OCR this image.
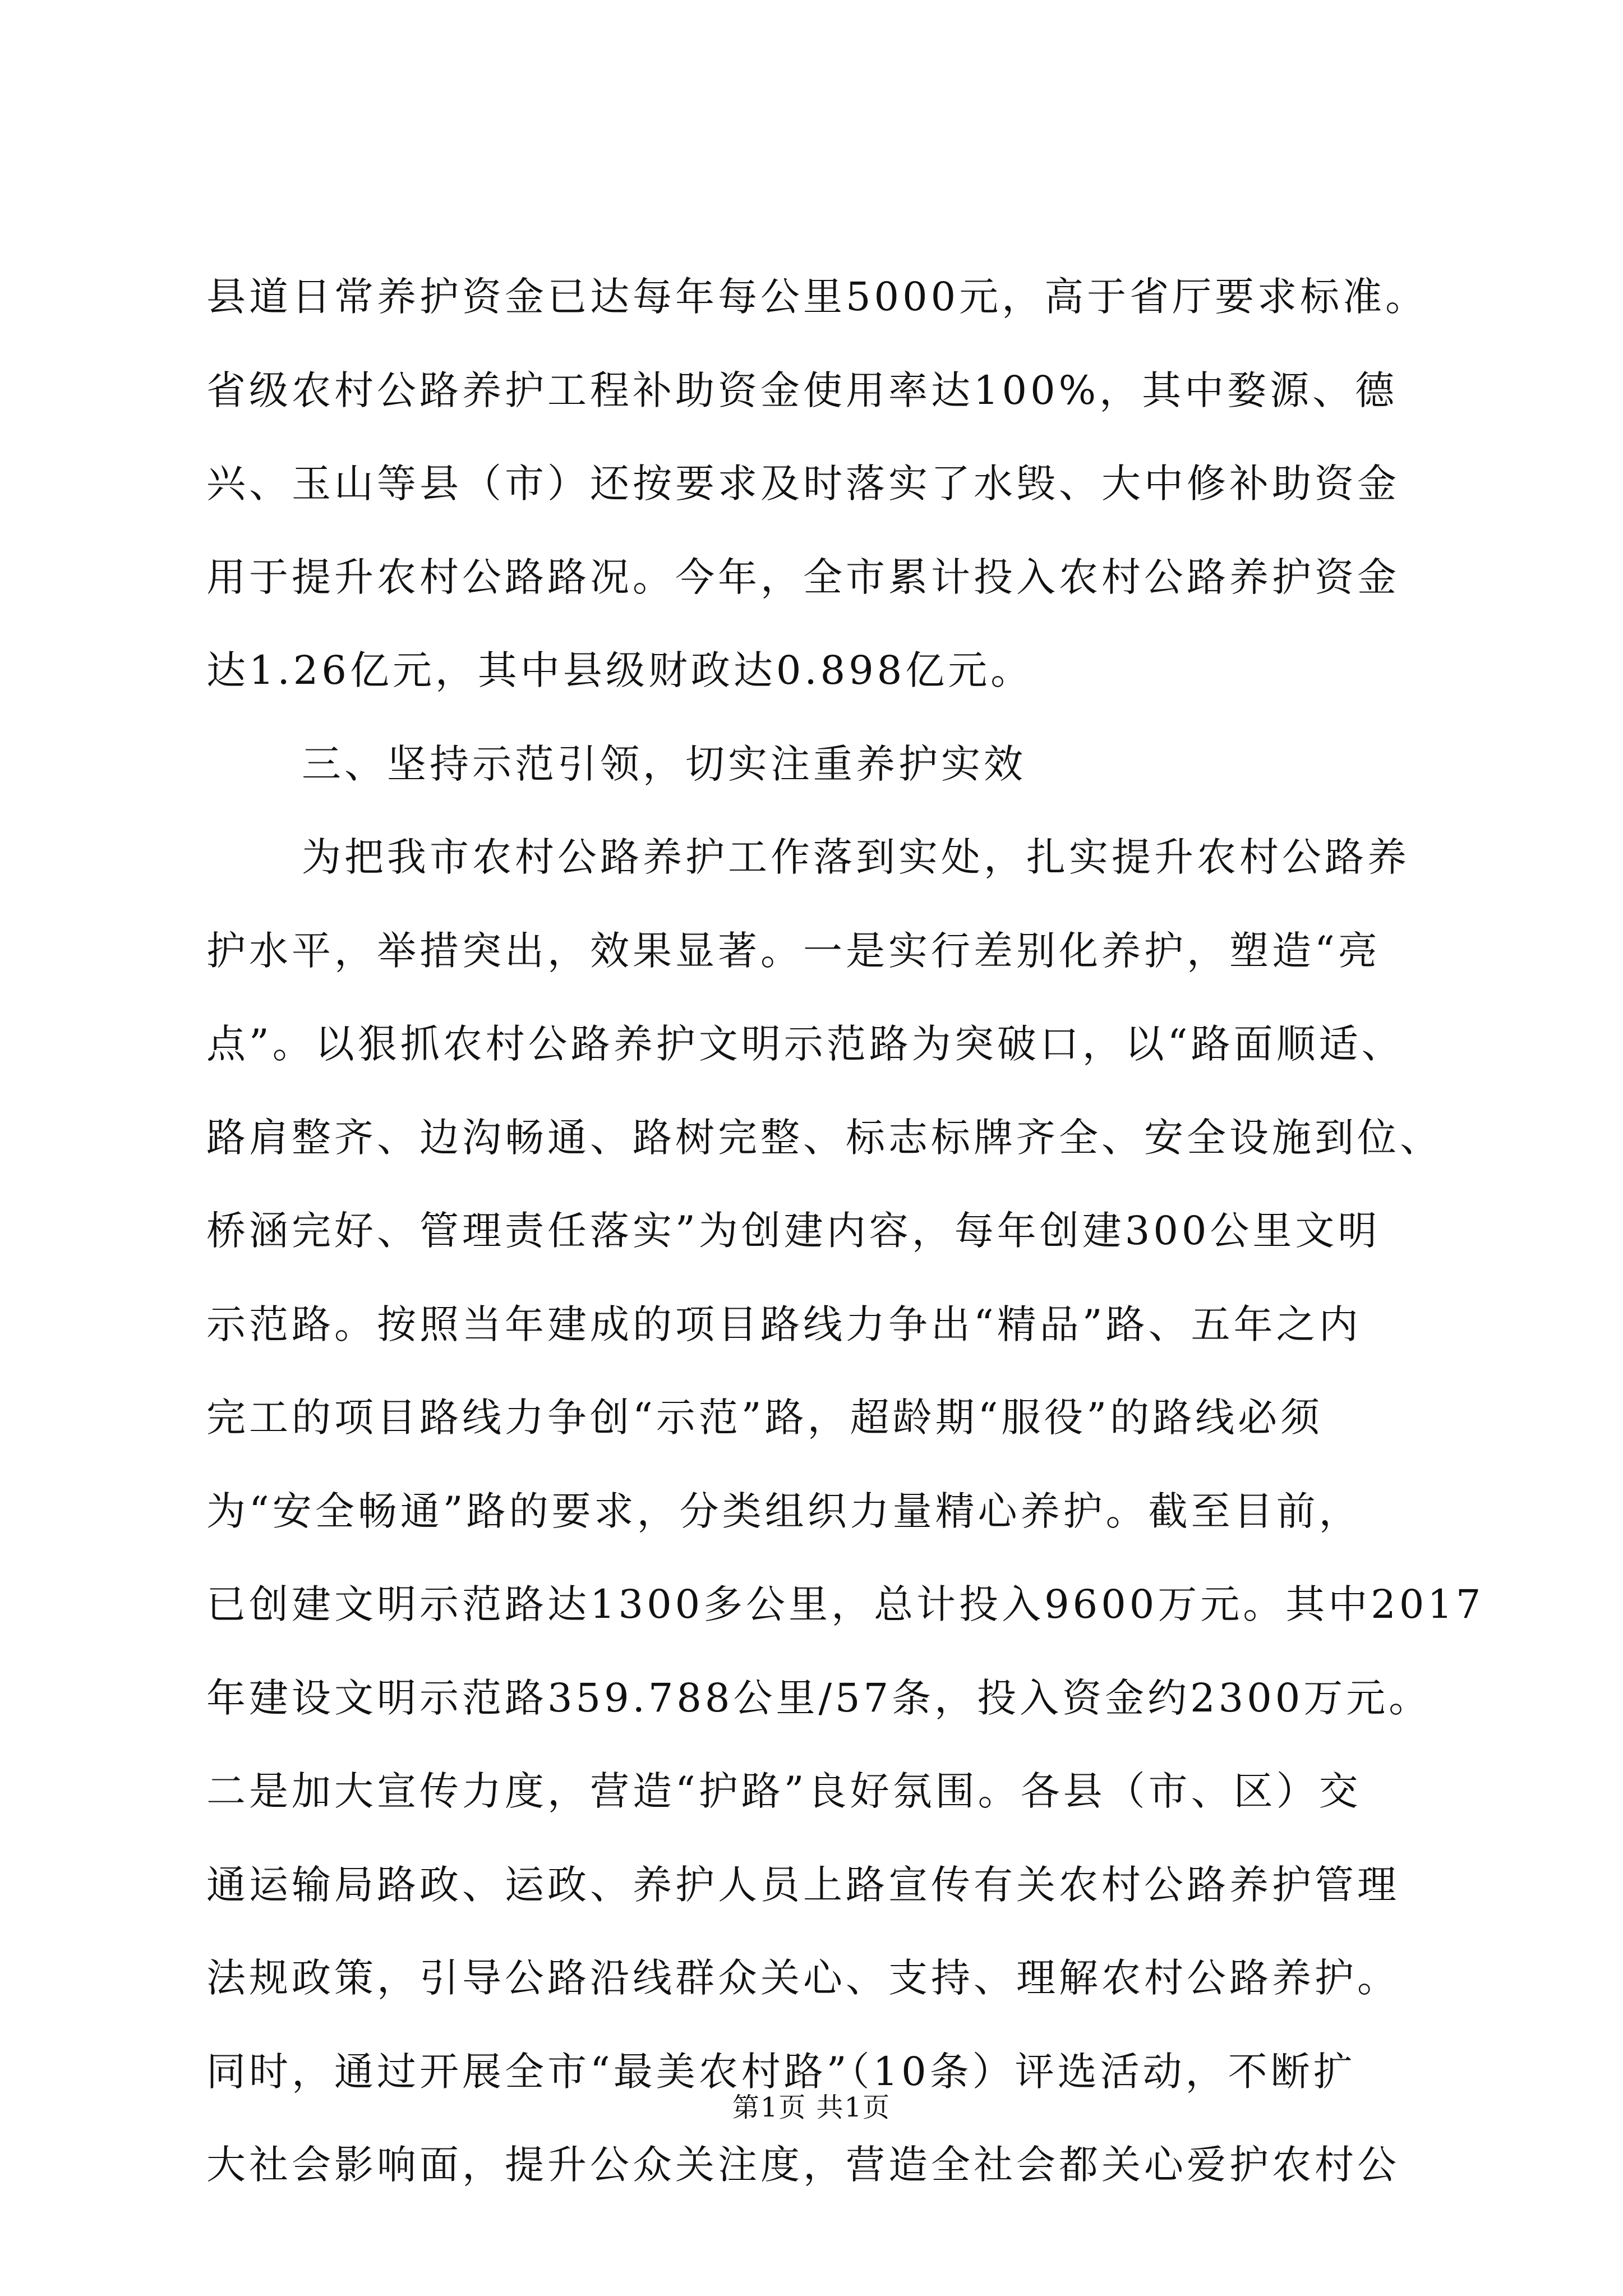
县道日常养护资金已达每年每公里5000元，高于省厅要求标准。
省级农村公路养护工程补助资金使用率达100%，其中婺源、德
兴、玉山等县（市）还按要求及时落实了水毁、大中修补助资金
用于提升农村公路路况。今年，全市累计投入农村公路养护资金
达1.26亿元，其中县级财政达0.898亿元。
三、坚持示范引领，切实注重养护实效
为把我市农村公路养护工作落到实处，扎实提升农村公路养
护水平，举措突出，效果显著。一是实行差别化养护，塑造“亮
点”。以狠抓农村公路养护文明示范路为突破口，以“路面顺适、
路肩整齐、边沟畅通、路树完整、标志标牌齐全、安全设施到位、
桥涵完好、管理责任落实”为创建内容，每年创建300公里文明
示范路。按照当年建成的项目路线力争出“精品”路、五年之内
完工的项目路线力争创“示范”路，超龄期“服役”的路线必须
为“安全畅通”路的要求，分类组织力量精心养护。截至目前，
已创建文明示范路达1300多公里，总计投入9600万元。其中2017
年建设文明示范路359.788公里/57条，投入资金约2300万元。
二是加大宣传力度，营造“护路”良好氛围。各县（市、区）交
通运输局路政、运政、养护人员上路宣传有关农村公路养护管理
法规政策，引导公路沿线群众关心、支持、理解农村公路养护。
同时，通过开展全市“最美农村路”（10条）评选活动，不断扩
大社会影响面，提升公众关注度，营造全社会都关心爱护农村公
第1页 共1页
